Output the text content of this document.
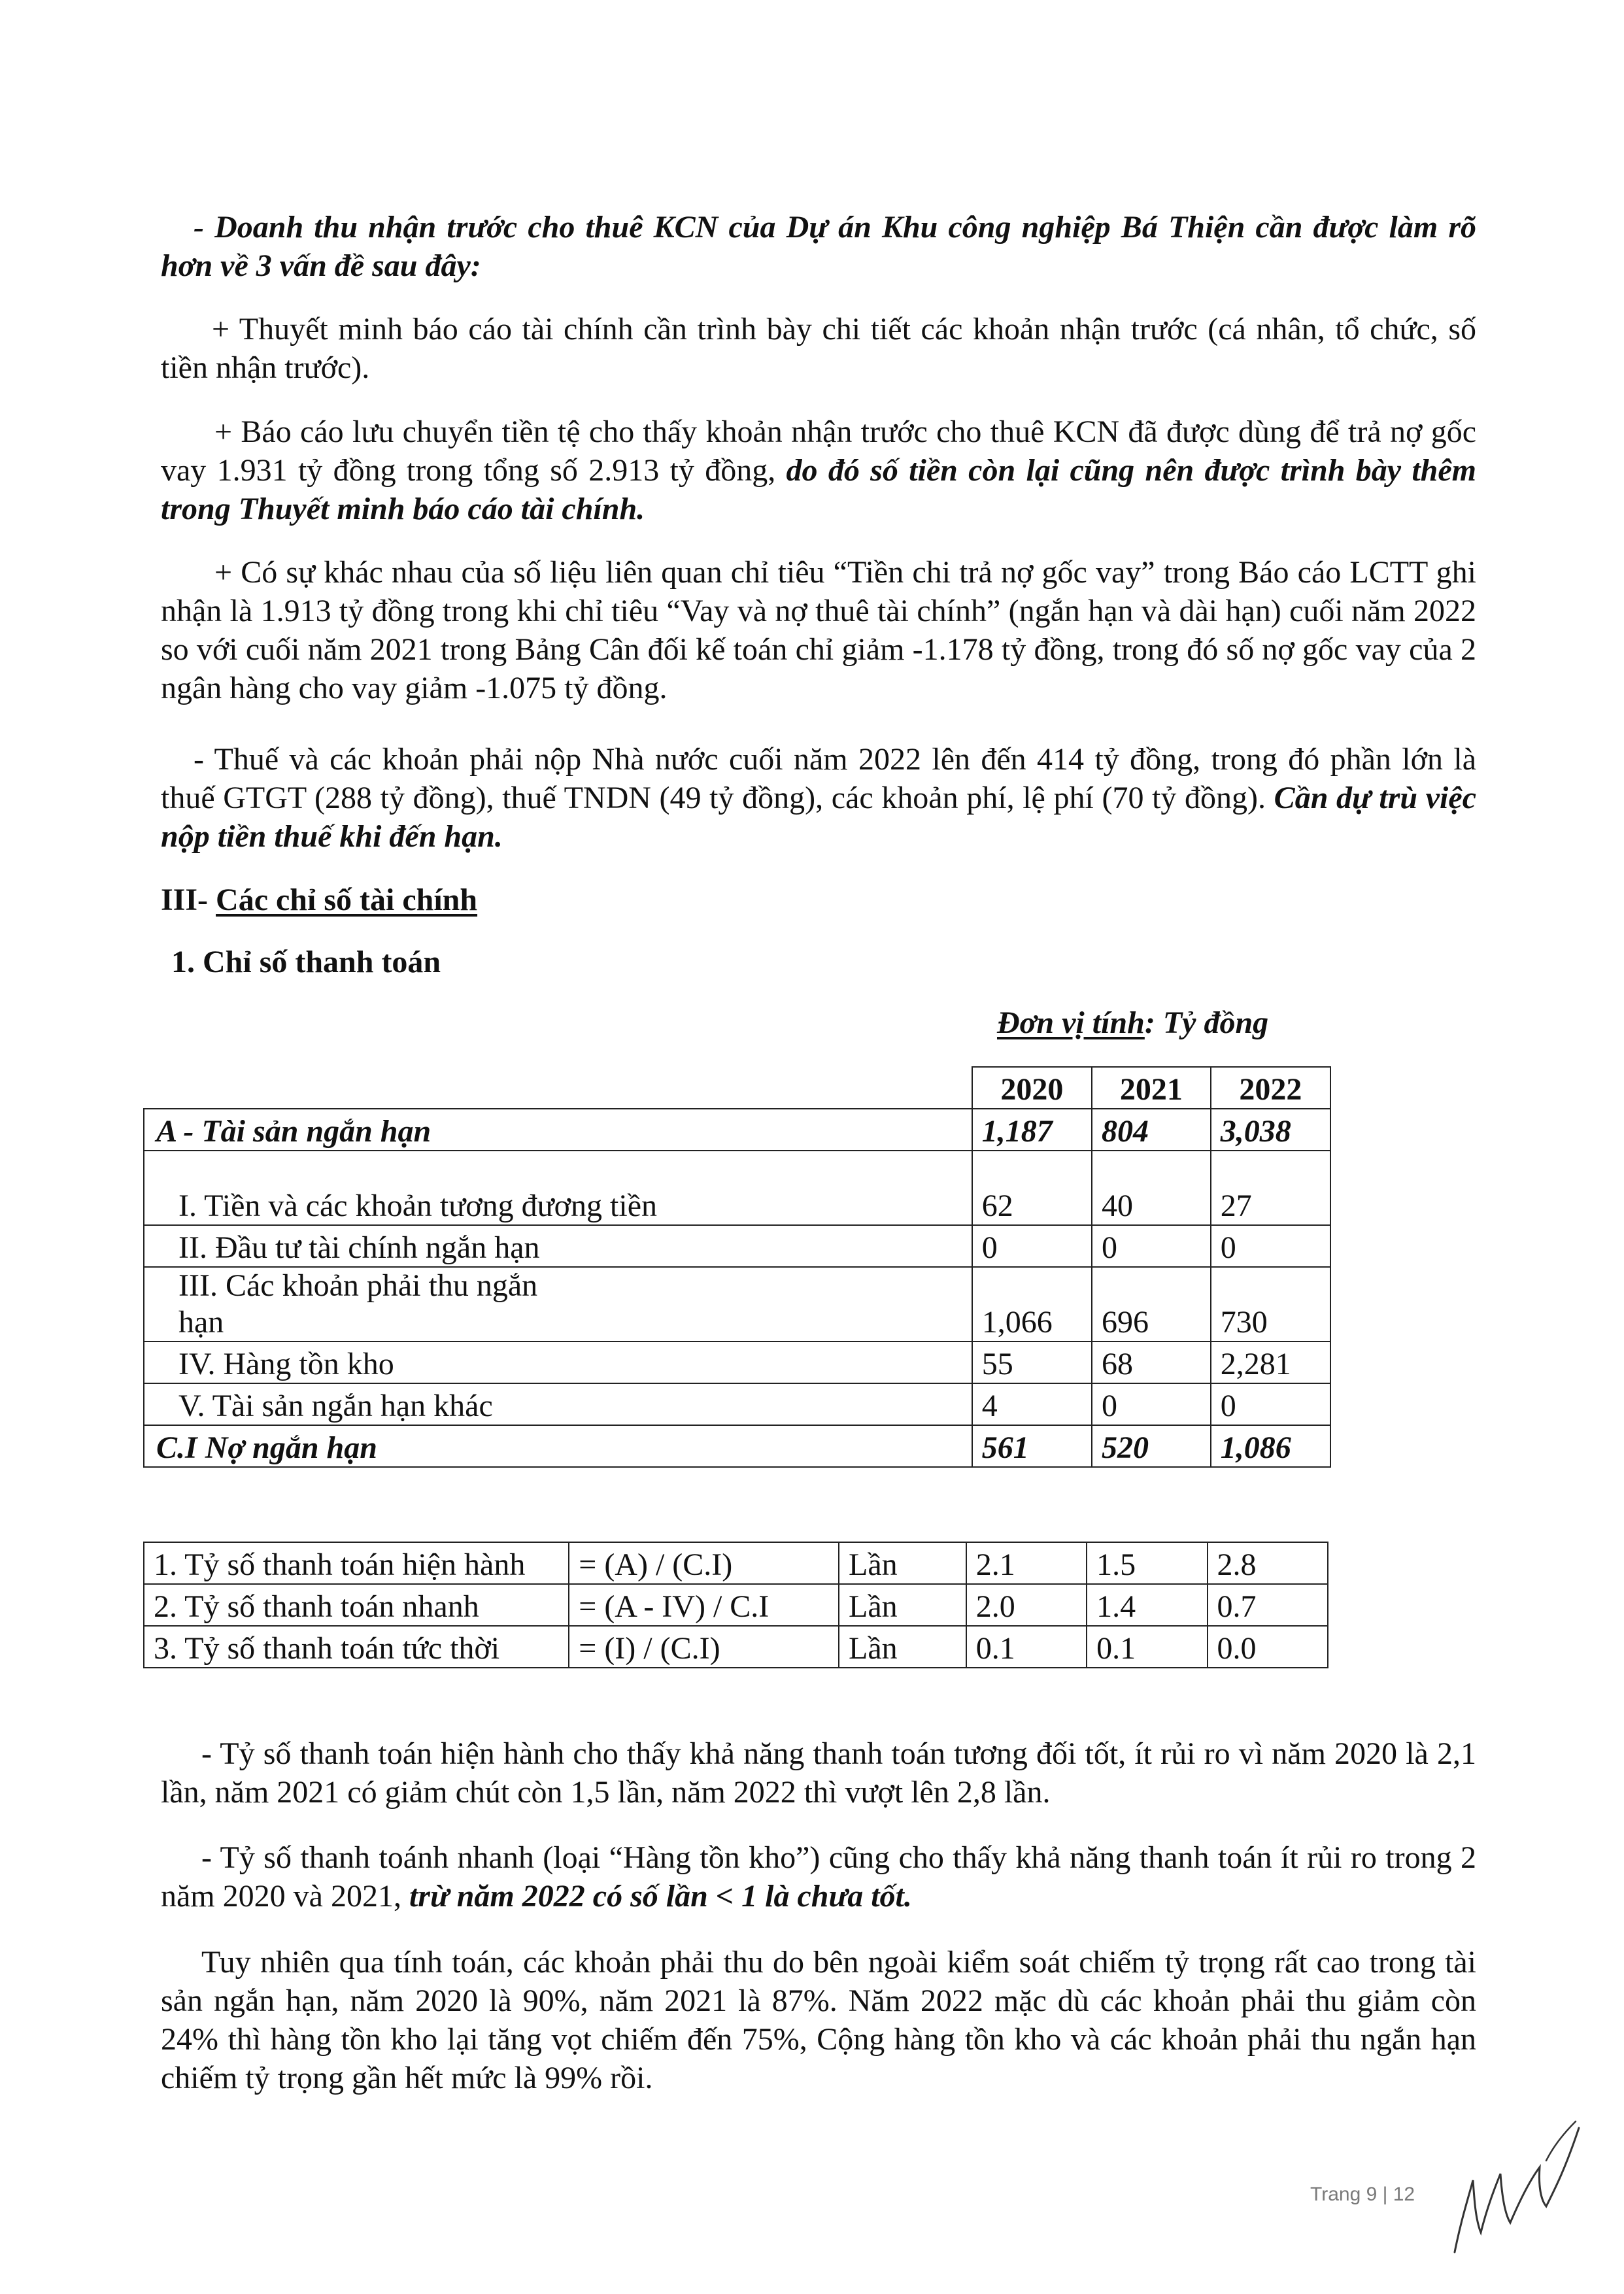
- Doanh thu nhận trước cho thuê KCN của Dự án Khu công nghiệp Bá Thiện cần được làm rõ hơn về 3 vấn đề sau đây:

+ Thuyết minh báo cáo tài chính cần trình bày chi tiết các khoản nhận trước (cá nhân, tổ chức, số tiền nhận trước).

+ Báo cáo lưu chuyển tiền tệ cho thấy khoản nhận trước cho thuê KCN đã được dùng để trả nợ gốc vay 1.931 tỷ đồng trong tổng số 2.913 tỷ đồng, do đó số tiền còn lại cũng nên được trình bày thêm trong Thuyết minh báo cáo tài chính.

+ Có sự khác nhau của số liệu liên quan chỉ tiêu “Tiền chi trả nợ gốc vay” trong Báo cáo LCTT ghi nhận là 1.913 tỷ đồng trong khi chỉ tiêu “Vay và nợ thuê tài chính” (ngắn hạn và dài hạn) cuối năm 2022 so với cuối năm 2021 trong Bảng Cân đối kế toán chỉ giảm -1.178 tỷ đồng, trong đó số nợ gốc vay của 2 ngân hàng cho vay giảm -1.075 tỷ đồng.

- Thuế và các khoản phải nộp Nhà nước cuối năm 2022 lên đến 414 tỷ đồng, trong đó phần lớn là thuế GTGT (288 tỷ đồng), thuế TNDN (49 tỷ đồng), các khoản phí, lệ phí (70 tỷ đồng). Cần dự trù việc nộp tiền thuế khi đến hạn.

III- Các chỉ số tài chính
1. Chỉ số thanh toán
Đơn vị tính: Tỷ đồng
	2020	2021	2022
A - Tài sản ngắn hạn	1,187	804	3,038

I. Tiền và các khoản tương đương tiền	62	40	27
II. Đầu tư tài chính ngắn hạn	0	0	0

III. Các khoản phải thu ngắn hạn	1,066	696	730
IV. Hàng tồn kho	55	68	2,281
V. Tài sản ngắn hạn khác	4	0	0
C.I Nợ ngắn hạn	561	520	1,086
1. Tỷ số thanh toán hiện hành	= (A) / (C.I)	Lần	2.1	1.5	2.8
2. Tỷ số thanh toán nhanh	= (A - IV) / C.I	Lần	2.0	1.4	0.7
3. Tỷ số thanh toán tức thời	= (I) / (C.I)	Lần	0.1	0.1	0.0

- Tỷ số thanh toán hiện hành cho thấy khả năng thanh toán tương đối tốt, ít rủi ro vì năm 2020 là 2,1 lần, năm 2021 có giảm chút còn 1,5 lần, năm 2022 thì vượt lên 2,8 lần.

- Tỷ số thanh toánh nhanh (loại “Hàng tồn kho”) cũng cho thấy khả năng thanh toán ít rủi ro trong 2 năm 2020 và 2021, trừ năm 2022 có số lần < 1 là chưa tốt.

Tuy nhiên qua tính toán, các khoản phải thu do bên ngoài kiểm soát chiếm tỷ trọng rất cao trong tài sản ngắn hạn, năm 2020 là 90%, năm 2021 là 87%. Năm 2022 mặc dù các khoản phải thu giảm còn 24% thì hàng tồn kho lại tăng vọt chiếm đến 75%, Cộng hàng tồn kho và các khoản phải thu ngắn hạn chiếm tỷ trọng gần hết mức là 99% rồi.

Trang 9 | 12
